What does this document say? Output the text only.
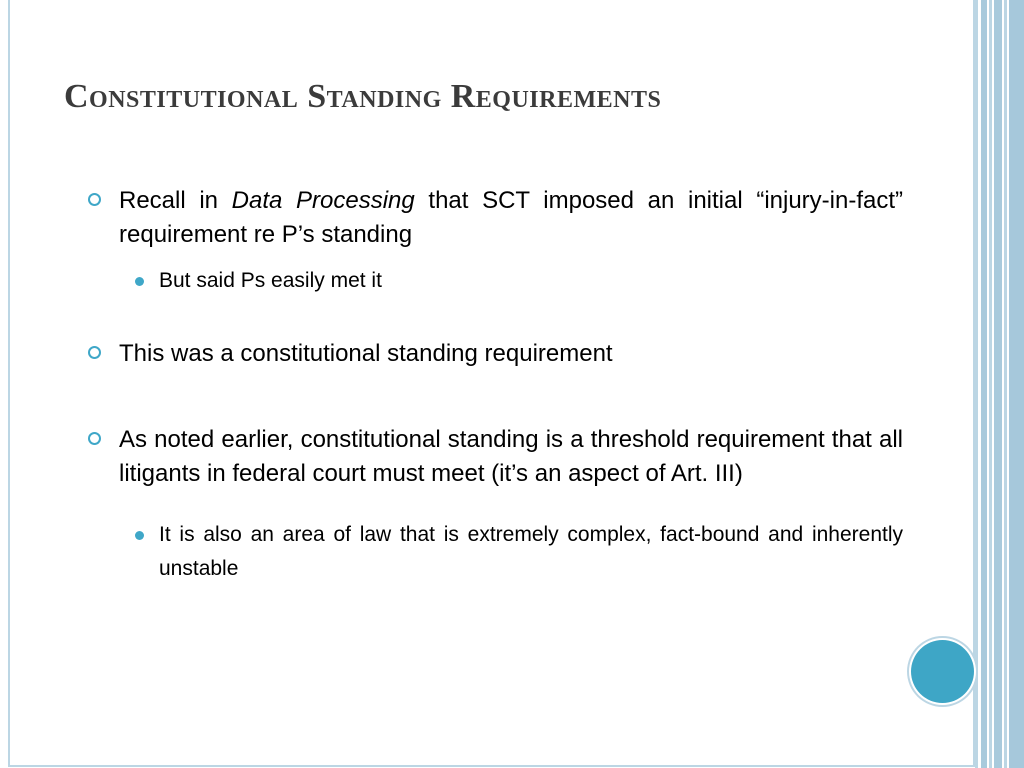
Constitutional Standing Requirements
Recall in Data Processing that SCT imposed an initial “injury-in-fact” requirement re P’s standing
But said Ps easily met it
This was a constitutional standing requirement
As noted earlier, constitutional standing is a threshold requirement that all litigants in federal court must meet (it’s an aspect of Art. III)
It is also an area of law that is extremely complex, fact-bound and inherently unstable
